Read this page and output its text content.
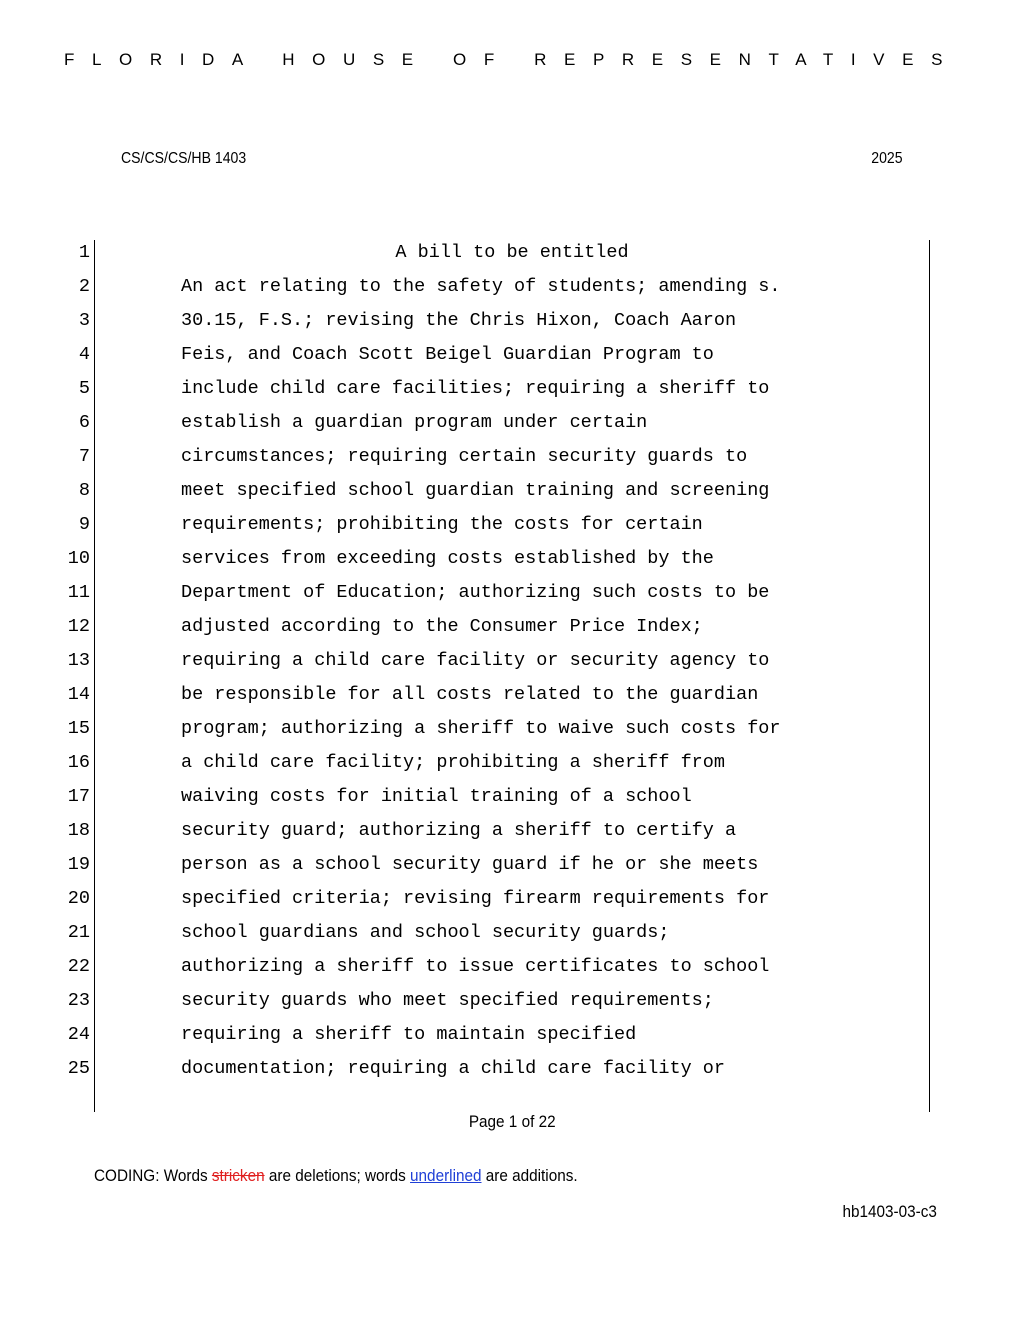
FLORIDA HOUSE OF REPRESENTATIVES
CS/CS/CS/HB 1403	2025
1	A bill to be entitled
2	An act relating to the safety of students; amending s.
3	30.15, F.S.; revising the Chris Hixon, Coach Aaron
4	Feis, and Coach Scott Beigel Guardian Program to
5	include child care facilities; requiring a sheriff to
6	establish a guardian program under certain
7	circumstances; requiring certain security guards to
8	meet specified school guardian training and screening
9	requirements; prohibiting the costs for certain
10	services from exceeding costs established by the
11	Department of Education; authorizing such costs to be
12	adjusted according to the Consumer Price Index;
13	requiring a child care facility or security agency to
14	be responsible for all costs related to the guardian
15	program; authorizing a sheriff to waive such costs for
16	a child care facility; prohibiting a sheriff from
17	waiving costs for initial training of a school
18	security guard; authorizing a sheriff to certify a
19	person as a school security guard if he or she meets
20	specified criteria; revising firearm requirements for
21	school guardians and school security guards;
22	authorizing a sheriff to issue certificates to school
23	security guards who meet specified requirements;
24	requiring a sheriff to maintain specified
25	documentation; requiring a child care facility or
Page 1 of 22
CODING: Words stricken are deletions; words underlined are additions.
hb1403-03-c3
